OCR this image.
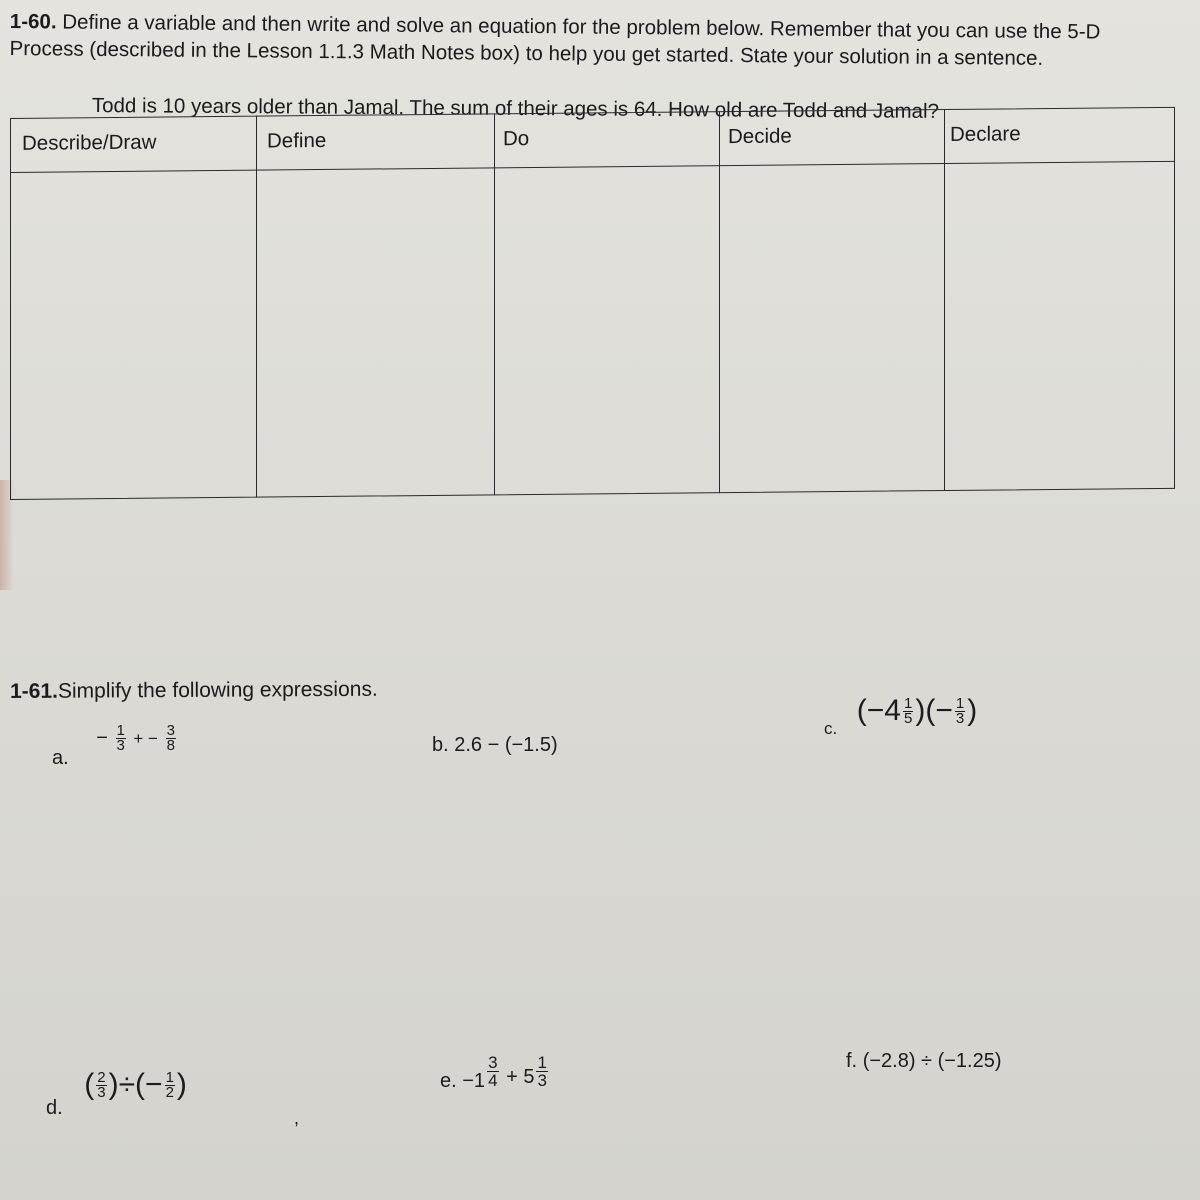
1-60. Define a variable and then write and solve an equation for the problem below. Remember that you can use the 5-D Process (described in the Lesson 1.1.3 Math Notes box) to help you get started. State your solution in a sentence.
Todd is 10 years older than Jamal. The sum of their ages is 64. How old are Todd and Jamal?
Describe/Draw	Define	Do	Decide	Declare
1-61.Simplify the following expressions.
a. − $\frac{1}{3}$ + − $\frac{3}{8}$	b. 2.6 − (−1.5)
$_{c.}$ ($-4 \frac{1}{5}$ )(− $\frac{1}{3}$ )
d. ( $\frac{2}{3}$ )÷(− $\frac{1}{2}$ )
,
e. $-1 \frac{3}{4} + 5 \frac{1}{3}$	f. (−2.8) ÷ (−1.25)
